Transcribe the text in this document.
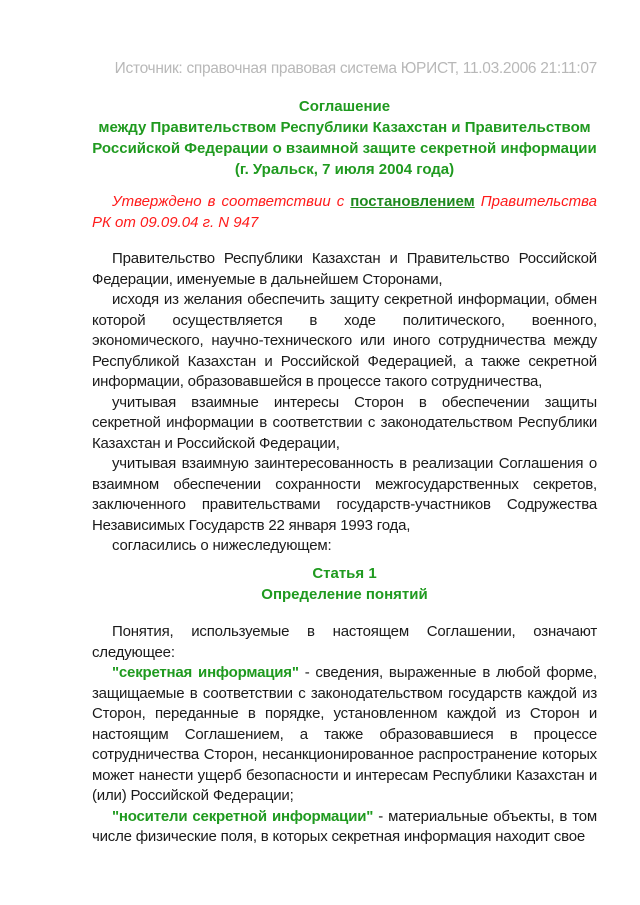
Источник: справочная правовая система ЮРИСТ, 11.03.2006 21:11:07
Соглашение
между Правительством Республики Казахстан и Правительством
Российской Федерации о взаимной защите секретной информации
(г. Уральск, 7 июля 2004 года)
Утверждено в соответствии с постановлением Правительства РК от 09.09.04 г. N 947

Правительство Республики Казахстан и Правительство Российской Федерации, именуемые в дальнейшем Сторонами,

исходя из желания обеспечить защиту секретной информации, обмен которой осуществляется в ходе политического, военного, экономического, научно-технического или иного сотрудничества между Республикой Казахстан и Российской Федерацией, а также секретной информации, образовавшейся в процессе такого сотрудничества,

учитывая взаимные интересы Сторон в обеспечении защиты секретной информации в соответствии с законодательством Республики Казахстан и Российской Федерации,

учитывая взаимную заинтересованность в реализации Соглашения о взаимном обеспечении сохранности межгосударственных секретов, заключенного правительствами государств-участников Содружества Независимых Государств 22 января 1993 года,

согласились о нижеследующем:

Статья 1
Определение понятий

Понятия, используемые в настоящем Соглашении, означают следующее:

"секретная информация" - сведения, выраженные в любой форме, защищаемые в соответствии с законодательством государств каждой из Сторон, переданные в порядке, установленном каждой из Сторон и настоящим Соглашением, а также образовавшиеся в процессе сотрудничества Сторон, несанкционированное распространение которых может нанести ущерб безопасности и интересам Республики Казахстан и (или) Российской Федерации;

"носители секретной информации" - материальные объекты, в том числе физические поля, в которых секретная информация находит свое
